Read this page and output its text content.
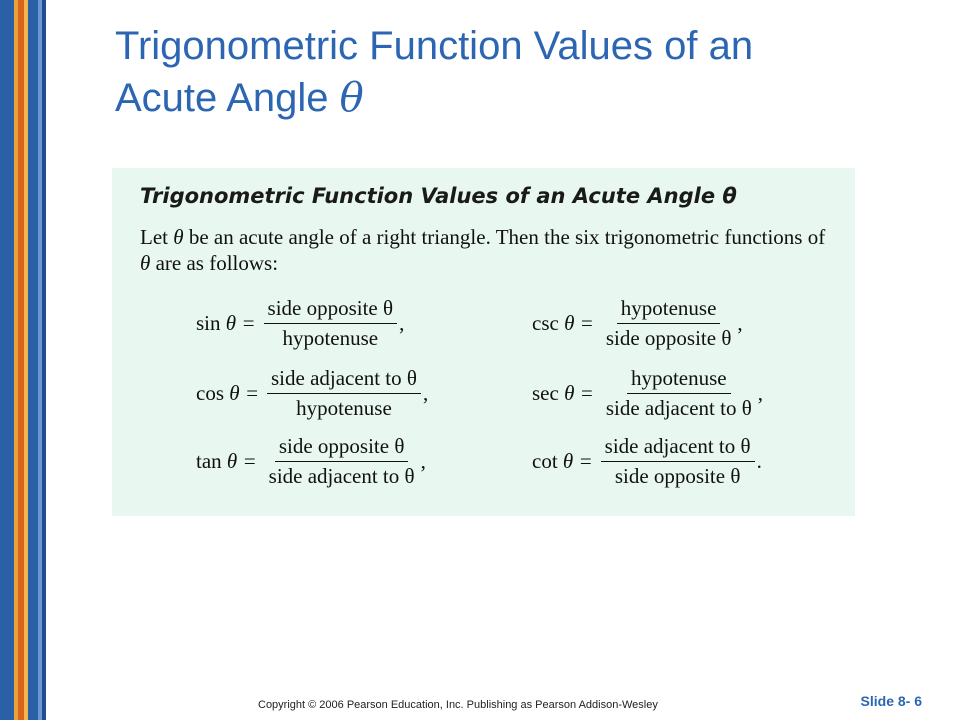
Trigonometric Function Values of an
Acute Angle θ
Trigonometric Function Values of an Acute Angle θ
Let θ be an acute angle of a right triangle. Then the six trigonometric functions of θ are as follows:
$\sin \theta = \frac{\text{side opposite θ}}{\text{hypotenuse}}$ ,	$\csc \theta = \frac{\text{hypotenuse}}{\text{side opposite θ}}$ ,
$\cos \theta = \frac{\text{side adjacent to θ}}{\text{hypotenuse}}$ ,	$\sec \theta = \frac{\text{hypotenuse}}{\text{side adjacent to θ}}$ ,
$\tan \theta = \frac{\text{side opposite θ}}{\text{side adjacent to θ}}$ ,	$\cot \theta = \frac{\text{side adjacent to θ}}{\text{side opposite θ}}$ .
Copyright © 2006 Pearson Education, Inc. Publishing as Pearson Addison-Wesley	Slide 8- 6
